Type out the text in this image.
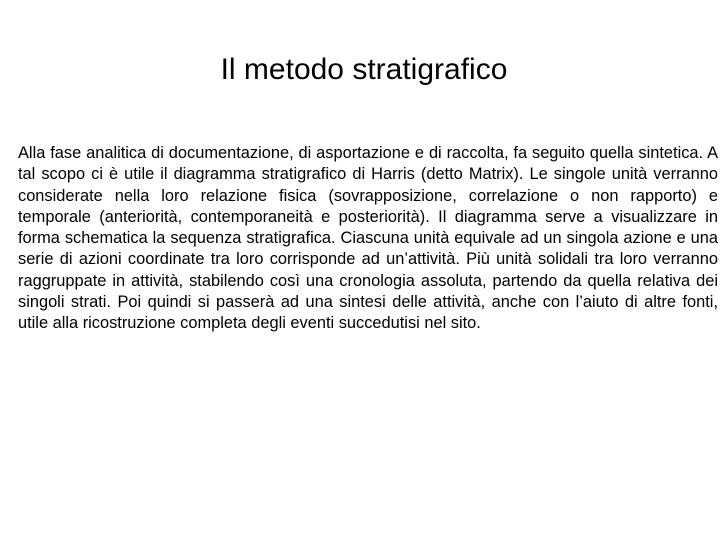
Il metodo stratigrafico

Alla fase analitica di documentazione, di asportazione e di raccolta, fa seguito quella sintetica. A tal scopo ci è utile il diagramma stratigrafico di Harris (detto Matrix). Le singole unità verranno considerate nella loro relazione fisica (sovrapposizione, correlazione o non rapporto) e temporale (anteriorità, contemporaneità e posteriorità). Il diagramma serve a visualizzare in forma schematica la sequenza stratigrafica. Ciascuna unità equivale ad un singola azione e una serie di azioni coordinate tra loro corrisponde ad un’attività. Più unità solidali tra loro verranno raggruppate in attività, stabilendo così una cronologia assoluta, partendo da quella relativa dei singoli strati. Poi quindi si passerà ad una sintesi delle attività, anche con l’aiuto di altre fonti, utile alla ricostruzione completa degli eventi succedutisi nel sito.
